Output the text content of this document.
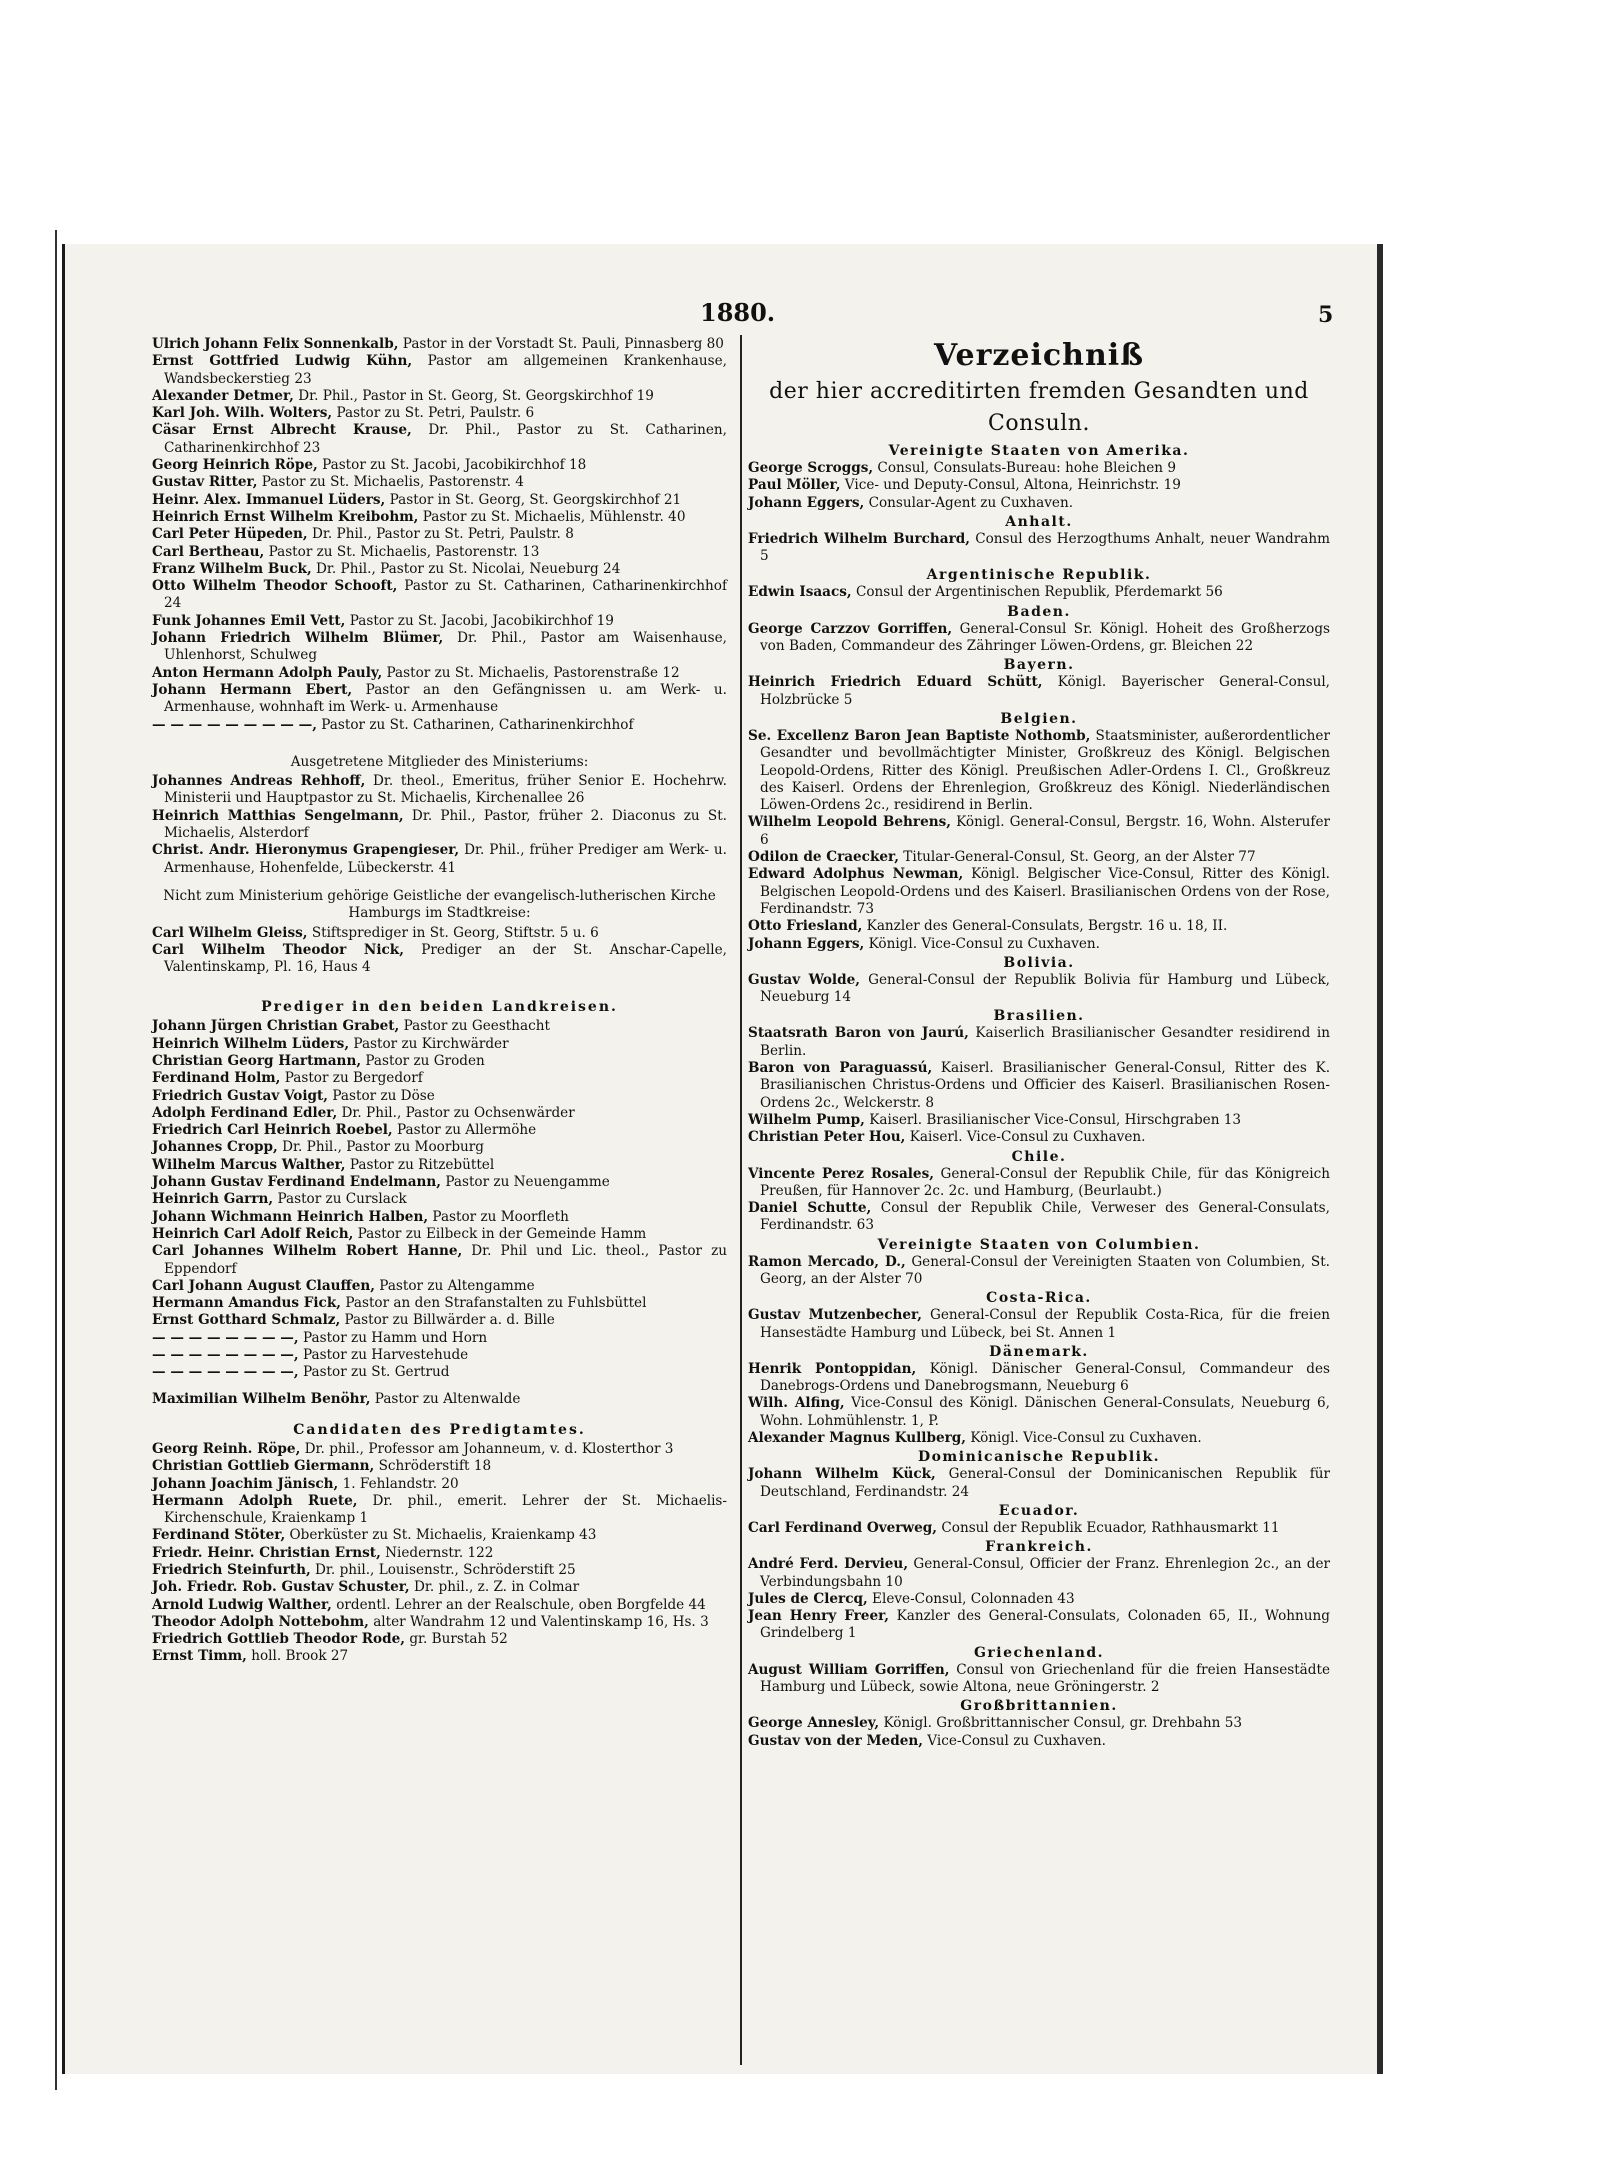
1880.	5
Ulrich Johann Felix Sonnenkalb, Pastor in der Vorstadt St. Pauli, Pinnasberg 80
Ernst Gottfried Ludwig Kühn, Pastor am allgemeinen Krankenhause, Wandsbeckerstieg 23
Alexander Detmer, Dr. Phil., Pastor in St. Georg, St. Georgskirchhof 19
Karl Joh. Wilh. Wolters, Pastor zu St. Petri, Paulstr. 6
Cäsar Ernst Albrecht Krause, Dr. Phil., Pastor zu St. Catharinen, Catharinenkirchhof 23
Georg Heinrich Röpe, Pastor zu St. Jacobi, Jacobikirchhof 18
Gustav Ritter, Pastor zu St. Michaelis, Pastorenstr. 4
Heinr. Alex. Immanuel Lüders, Pastor in St. Georg, St. Georgskirchhof 21
Heinrich Ernst Wilhelm Kreibohm, Pastor zu St. Michaelis, Mühlenstr. 40
Carl Peter Hüpeden, Dr. Phil., Pastor zu St. Petri, Paulstr. 8
Carl Bertheau, Pastor zu St. Michaelis, Pastorenstr. 13
Franz Wilhelm Buck, Dr. Phil., Pastor zu St. Nicolai, Neueburg 24
Otto Wilhelm Theodor Schooft, Pastor zu St. Catharinen, Catharinenkirchhof 24
Funk Johannes Emil Vett, Pastor zu St. Jacobi, Jacobikirchhof 19
Johann Friedrich Wilhelm Blümer, Dr. Phil., Pastor am Waisenhause, Uhlenhorst, Schulweg
Anton Hermann Adolph Pauly, Pastor zu St. Michaelis, Pastorenstraße 12
Johann Hermann Ebert, Pastor an den Gefängnissen u. am Werk- u. Armenhause, wohnhaft im Werk- u. Armenhause
— — — — — — — — —, Pastor zu St. Catharinen, Catharinenkirchhof
Ausgetretene Mitglieder des Ministeriums:
Johannes Andreas Rehhoff, Dr. theol., Emeritus, früher Senior E. Hochehrw. Ministerii und Hauptpastor zu St. Michaelis, Kirchenallee 26
Heinrich Matthias Sengelmann, Dr. Phil., Pastor, früher 2. Diaconus zu St. Michaelis, Alsterdorf
Christ. Andr. Hieronymus Grapengieser, Dr. Phil., früher Prediger am Werk- u. Armenhause, Hohenfelde, Lübeckerstr. 41
Nicht zum Ministerium gehörige Geistliche der evangelisch-lutherischen Kirche Hamburgs im Stadtkreise:
Carl Wilhelm Gleiss, Stiftsprediger in St. Georg, Stiftstr. 5 u. 6
Carl Wilhelm Theodor Nick, Prediger an der St. Anschar-Capelle, Valentinskamp, Pl. 16, Haus 4
Prediger in den beiden Landkreisen.
Johann Jürgen Christian Grabet, Pastor zu Geesthacht
Heinrich Wilhelm Lüders, Pastor zu Kirchwärder
Christian Georg Hartmann, Pastor zu Groden
Ferdinand Holm, Pastor zu Bergedorf
Friedrich Gustav Voigt, Pastor zu Döse
Adolph Ferdinand Edler, Dr. Phil., Pastor zu Ochsenwärder
Friedrich Carl Heinrich Roebel, Pastor zu Allermöhe
Johannes Cropp, Dr. Phil., Pastor zu Moorburg
Wilhelm Marcus Walther, Pastor zu Ritzebüttel
Johann Gustav Ferdinand Endelmann, Pastor zu Neuengamme
Heinrich Garrn, Pastor zu Curslack
Johann Wichmann Heinrich Halben, Pastor zu Moorfleth
Heinrich Carl Adolf Reich, Pastor zu Eilbeck in der Gemeinde Hamm
Carl Johannes Wilhelm Robert Hanne, Dr. Phil und Lic. theol., Pastor zu Eppendorf
Carl Johann August Clauffen, Pastor zu Altengamme
Hermann Amandus Fick, Pastor an den Strafanstalten zu Fuhlsbüttel
Ernst Gotthard Schmalz, Pastor zu Billwärder a. d. Bille
— — — — — — — —, Pastor zu Hamm und Horn
— — — — — — — —, Pastor zu Harvestehude
— — — — — — — —, Pastor zu St. Gertrud
Maximilian Wilhelm Benöhr, Pastor zu Altenwalde
Candidaten des Predigtamtes.
Georg Reinh. Röpe, Dr. phil., Professor am Johanneum, v. d. Klosterthor 3
Christian Gottlieb Giermann, Schröderstift 18
Johann Joachim Jänisch, 1. Fehlandstr. 20
Hermann Adolph Ruete, Dr. phil., emerit. Lehrer der St. Michaelis-Kirchenschule, Kraienkamp 1
Ferdinand Stöter, Oberküster zu St. Michaelis, Kraienkamp 43
Friedr. Heinr. Christian Ernst, Niedernstr. 122
Friedrich Steinfurth, Dr. phil., Louisenstr., Schröderstift 25
Joh. Friedr. Rob. Gustav Schuster, Dr. phil., z. Z. in Colmar
Arnold Ludwig Walther, ordentl. Lehrer an der Realschule, oben Borgfelde 44
Theodor Adolph Nottebohm, alter Wandrahm 12 und Valentinskamp 16, Hs. 3
Friedrich Gottlieb Theodor Rode, gr. Burstah 52
Ernst Timm, holl. Brook 27
Verzeichniß
der hier accreditirten fremden Gesandten und Consuln.
Vereinigte Staaten von Amerika.
George Scroggs, Consul, Consulats-Bureau: hohe Bleichen 9
Paul Möller, Vice- und Deputy-Consul, Altona, Heinrichstr. 19
Johann Eggers, Consular-Agent zu Cuxhaven.
Anhalt.
Friedrich Wilhelm Burchard, Consul des Herzogthums Anhalt, neuer Wandrahm 5
Argentinische Republik.
Edwin Isaacs, Consul der Argentinischen Republik, Pferdemarkt 56
Baden.
George Carzzov Gorriffen, General-Consul Sr. Königl. Hoheit des Großherzogs von Baden, Commandeur des Zähringer Löwen-Ordens, gr. Bleichen 22
Bayern.
Heinrich Friedrich Eduard Schütt, Königl. Bayerischer General-Consul, Holzbrücke 5
Belgien.
Se. Excellenz Baron Jean Baptiste Nothomb, Staatsminister, außerordentlicher Gesandter und bevollmächtigter Minister, Großkreuz des Königl. Belgischen Leopold-Ordens, Ritter des Königl. Preußischen Adler-Ordens I. Cl., Großkreuz des Kaiserl. Ordens der Ehrenlegion, Großkreuz des Königl. Niederländischen Löwen-Ordens 2c., residirend in Berlin.
Wilhelm Leopold Behrens, Königl. General-Consul, Bergstr. 16, Wohn. Alsterufer 6
Odilon de Craecker, Titular-General-Consul, St. Georg, an der Alster 77
Edward Adolphus Newman, Königl. Belgischer Vice-Consul, Ritter des Königl. Belgischen Leopold-Ordens und des Kaiserl. Brasilianischen Ordens von der Rose, Ferdinandstr. 73
Otto Friesland, Kanzler des General-Consulats, Bergstr. 16 u. 18, II.
Johann Eggers, Königl. Vice-Consul zu Cuxhaven.
Bolivia.
Gustav Wolde, General-Consul der Republik Bolivia für Hamburg und Lübeck, Neueburg 14
Brasilien.
Staatsrath Baron von Jaurú, Kaiserlich Brasilianischer Gesandter residirend in Berlin.
Baron von Paraguassú, Kaiserl. Brasilianischer General-Consul, Ritter des K. Brasilianischen Christus-Ordens und Officier des Kaiserl. Brasilianischen Rosen-Ordens 2c., Welckerstr. 8
Wilhelm Pump, Kaiserl. Brasilianischer Vice-Consul, Hirschgraben 13
Christian Peter Hou, Kaiserl. Vice-Consul zu Cuxhaven.
Chile.
Vincente Perez Rosales, General-Consul der Republik Chile, für das Königreich Preußen, für Hannover 2c. 2c. und Hamburg, (Beurlaubt.)
Daniel Schutte, Consul der Republik Chile, Verweser des General-Consulats, Ferdinandstr. 63
Vereinigte Staaten von Columbien.
Ramon Mercado, D., General-Consul der Vereinigten Staaten von Columbien, St. Georg, an der Alster 70
Costa-Rica.
Gustav Mutzenbecher, General-Consul der Republik Costa-Rica, für die freien Hansestädte Hamburg und Lübeck, bei St. Annen 1
Dänemark.
Henrik Pontoppidan, Königl. Dänischer General-Consul, Commandeur des Danebrogs-Ordens und Danebrogsmann, Neueburg 6
Wilh. Alfing, Vice-Consul des Königl. Dänischen General-Consulats, Neueburg 6, Wohn. Lohmühlenstr. 1, P.
Alexander Magnus Kullberg, Königl. Vice-Consul zu Cuxhaven.
Dominicanische Republik.
Johann Wilhelm Kück, General-Consul der Dominicanischen Republik für Deutschland, Ferdinandstr. 24
Ecuador.
Carl Ferdinand Overweg, Consul der Republik Ecuador, Rathhausmarkt 11
Frankreich.
André Ferd. Dervieu, General-Consul, Officier der Franz. Ehrenlegion 2c., an der Verbindungsbahn 10
Jules de Clercq, Eleve-Consul, Colonnaden 43
Jean Henry Freer, Kanzler des General-Consulats, Colonaden 65, II., Wohnung Grindelberg 1
Griechenland.
August William Gorriffen, Consul von Griechenland für die freien Hansestädte Hamburg und Lübeck, sowie Altona, neue Gröningerstr. 2
Großbrittannien.
George Annesley, Königl. Großbrittannischer Consul, gr. Drehbahn 53
Gustav von der Meden, Vice-Consul zu Cuxhaven.
